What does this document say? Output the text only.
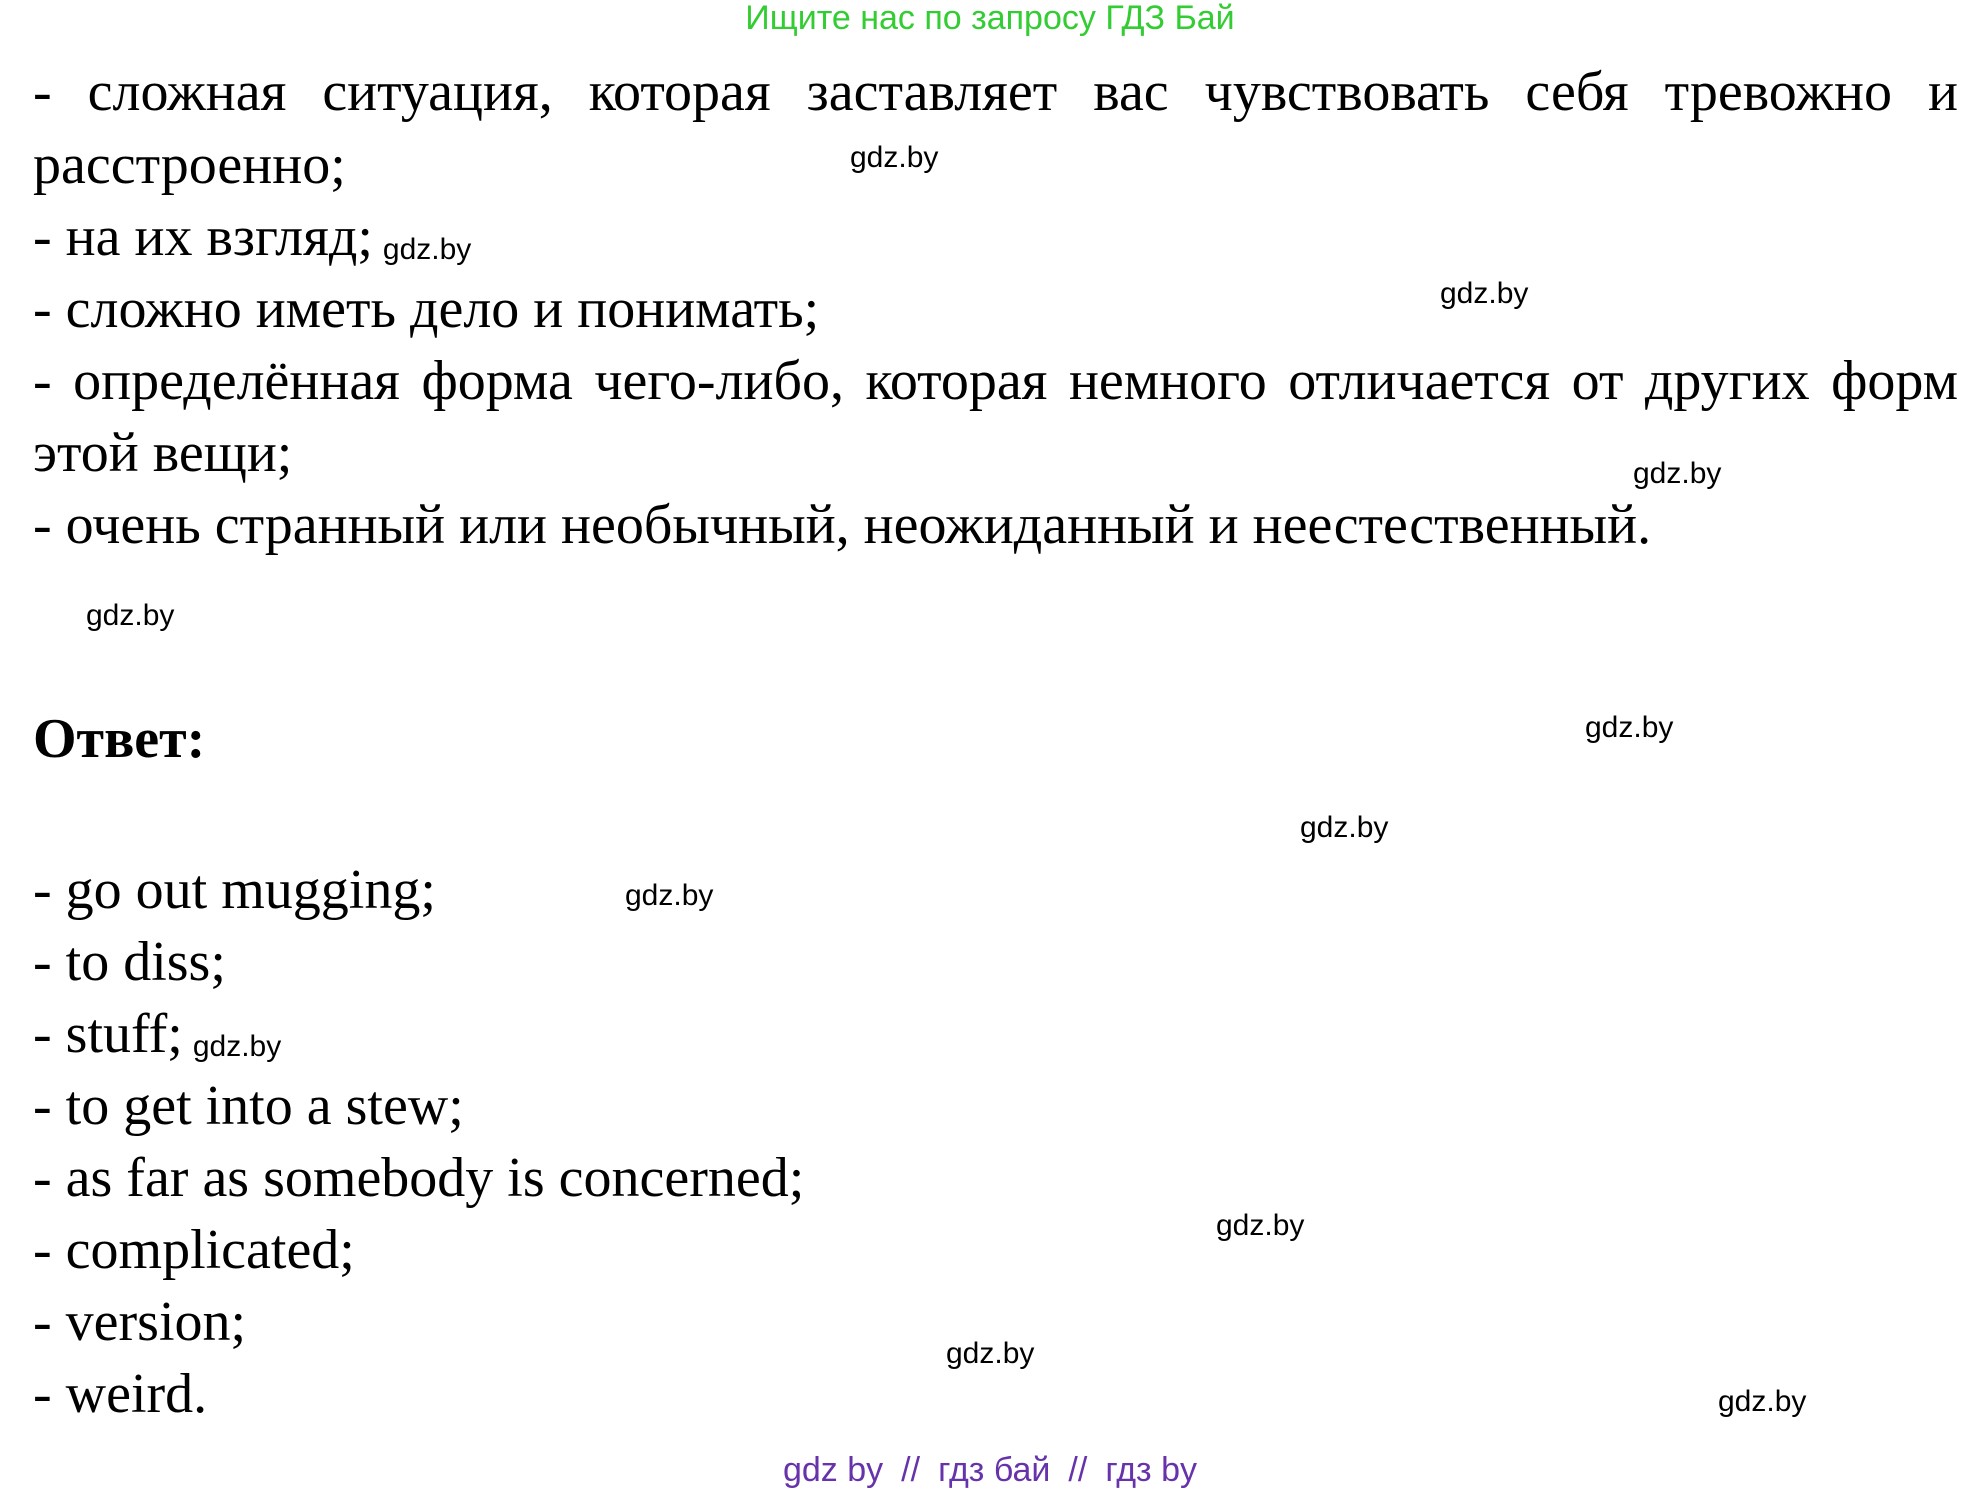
Ищите нас по запросу ГДЗ Бай
- сложная ситуация, которая заставляет вас чувствовать себя тревожно и
расстроенно;
- на их взгляд; gdz.by
- сложно иметь дело и понимать;
- определённая форма чего-либо, которая немного отличается от других форм
этой вещи;
- очень странный или необычный, неожиданный и неестественный.
Ответ:
- go out mugging;
- to diss;
- stuff; gdz.by
- to get into a stew;
- as far as somebody is concerned;
- complicated;
- version;
- weird.
gdz.by
gdz.by
gdz.by
gdz.by
gdz.by
gdz.by
gdz.by
gdz.by
gdz.by
gdz.by
gdz by // гдз бай // гдз by
